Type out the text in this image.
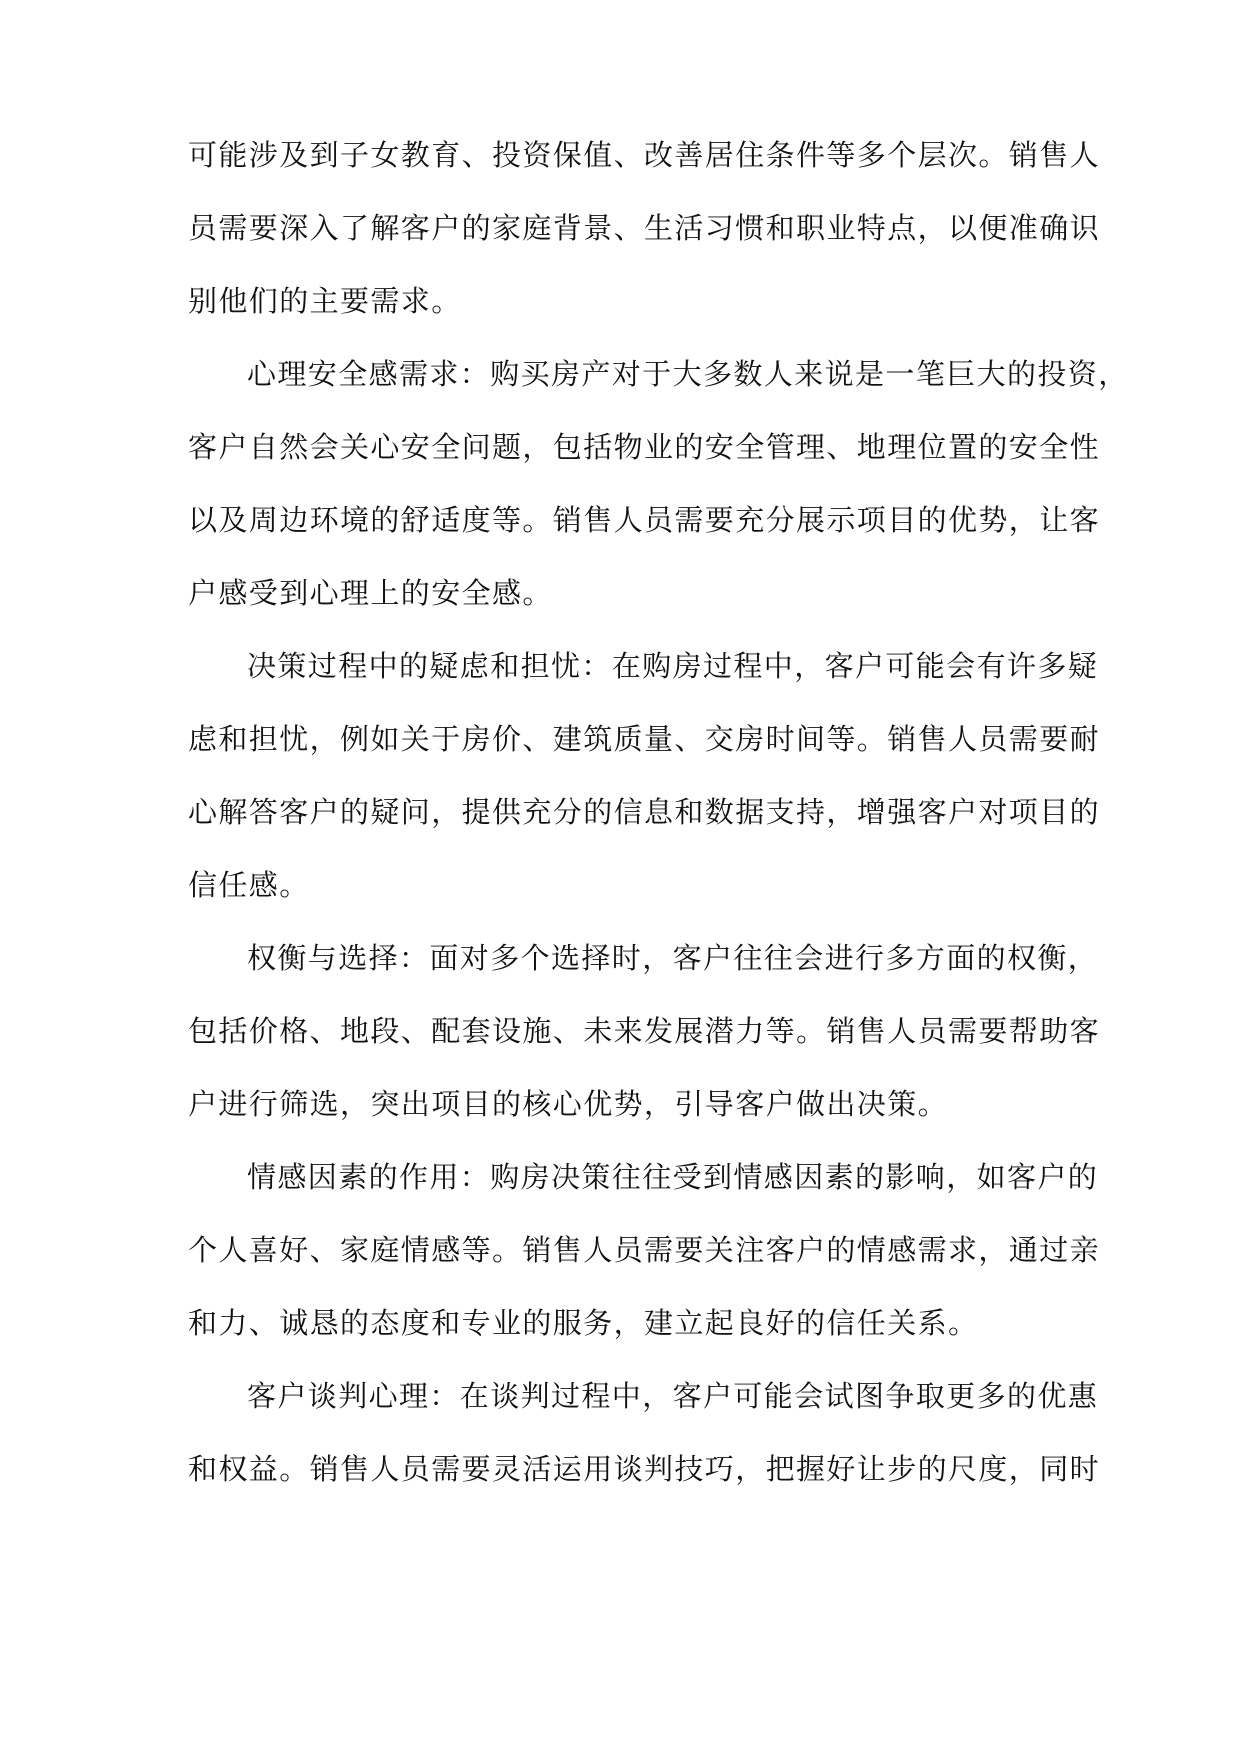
可能涉及到子女教育、投资保值、改善居住条件等多个层次。销售人
员需要深入了解客户的家庭背景、生活习惯和职业特点，以便准确识
别他们的主要需求。
心理安全感需求：购买房产对于大多数人来说是一笔巨大的投资，
客户自然会关心安全问题，包括物业的安全管理、地理位置的安全性
以及周边环境的舒适度等。销售人员需要充分展示项目的优势，让客
户感受到心理上的安全感。
决策过程中的疑虑和担忧：在购房过程中，客户可能会有许多疑
虑和担忧，例如关于房价、建筑质量、交房时间等。销售人员需要耐
心解答客户的疑问，提供充分的信息和数据支持，增强客户对项目的
信任感。
权衡与选择：面对多个选择时，客户往往会进行多方面的权衡，
包括价格、地段、配套设施、未来发展潜力等。销售人员需要帮助客
户进行筛选，突出项目的核心优势，引导客户做出决策。
情感因素的作用：购房决策往往受到情感因素的影响，如客户的
个人喜好、家庭情感等。销售人员需要关注客户的情感需求，通过亲
和力、诚恳的态度和专业的服务，建立起良好的信任关系。
客户谈判心理：在谈判过程中，客户可能会试图争取更多的优惠
和权益。销售人员需要灵活运用谈判技巧，把握好让步的尺度，同时
